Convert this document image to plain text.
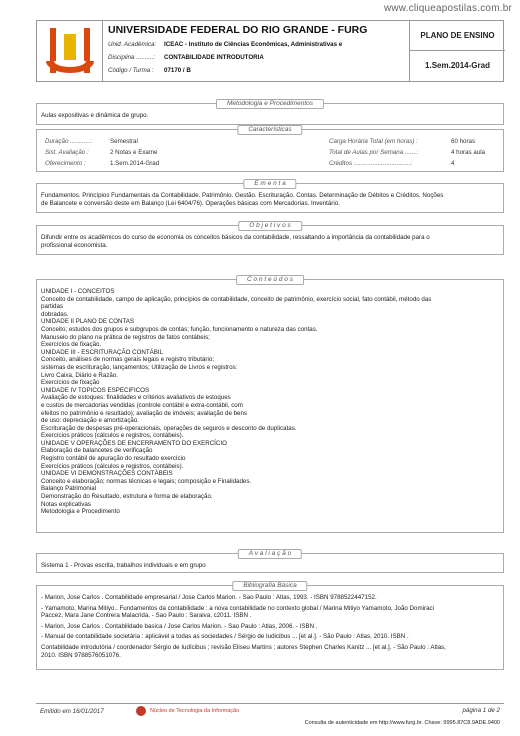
www.cliqueapostilas.com.br
UNIVERSIDADE FEDERAL DO RIO GRANDE - FURG
Unid. Acadêmica: ICEAC - Instituto de Ciências Econômicas, Administrativas e
Disciplina ..........: CONTABILIDADE INTRODUTORIA
Código / Turma : 07170 / B
PLANO DE ENSINO
1.Sem.2014-Grad
Metodologia e Procedimentos
Aulas expositivas e dinâmica de grupo.
Características
Duração ............:	Semestral
Sist. Avaliação :	2 Notas e Exame
Oferecimento :	1.Sem.2014-Grad
Carga Horária Total (em horas) :	60 horas
Total de Aulas por Semana .......:	4 horas aula
Créditos .................................:	4
E m e n t a
Fundamentos. Princípios Fundamentais da Contabilidade. Patrimônio. Gestão. Escrituração. Contas. Determinação de Débitos e Créditos. Noções
de Balancete e conversão deste em Balanço (Lei 6404/76). Operações básicas com Mercadorias. Inventário.
O b j e t i v o s
Difundir entre os acadêmicos do curso de economia os conceitos básicos da contabilidade, ressaltando a importância da contabilidade para o
profissional economista.
C o n t e ú d o s
UNIDADE I - CONCEITOS
Conceito de contabilidade, campo de aplicação, princípios de contabilidade, conceito de patrimônio, exercício social, fato contábil, método das
partidas
dobradas.
UNIDADE II PLANO DE CONTAS
Conceito; estudos dos grupos e subgrupos de contas; função, funcionamento e natureza das contas.
Manuseio do plano na prática de registros de fatos contábeis;
Exercícios de fixação.
UNIDADE III - ESCRITURAÇÃO CONTÁBIL
Conceito, análises de normas gerais legais e registro tributário;
sistemas de escrituração, lançamentos; Utilização de Livros e registros:
Livro Caixa, Diário e Razão.
Exercícios de fixação
UNIDADE IV TOPICOS ESPECIFICOS
Avaliação de estoques: finalidades e critérios avaliativos de estoques
e custos de mercadorias vendidas (controle contábil e extra-contábil, com
efeitos no patrimônio e resultado); avaliação de imóveis; avaliação de bens
de uso: depreciação e amortização.
Escrituração de despesas pré-operacionais, operações de seguros e desconto de duplicatas.
Exercícios práticos (cálculos e registros, contábeis).
UNIDADE V OPERAÇÕES DE ENCERRAMENTO DO EXERCÍCIO
Elaboração de balancetes de verificação
Registro contábil de apuração do resultado exercício
Exercícios práticos (cálculos e registros, contábeis).
UNIDADE VI DEMONSTRAÇÕES CONTÁBEIS
Conceito e elaboração; normas técnicas e legais; composição e Finalidades.
Balanço Patrimonial
Demonstração do Resultado, estrutura e forma de elaboração.
Notas explicativas
Metodologia e Procedimento
A v a l i a ç ã o
Sistema 1 - Provas escrita, trabalhos individuais e em grupo
Bibliografia Básica
- Marion, Jose Carlos . Contabilidade empresarial / Jose Carlos Marion. - Sao Paulo : Atlas, 1993. - ISBN 9788522447152.
- Yamamoto, Marina Mitiyo.. Fundamentos da contabilidade : a nova contabilidade no contexto global / Marina Mitiyo Yamamoto, João Domiraci
Paccez, Mara Jane Contrera Malacrida. - Sao Paulo : Saraiva, c2011. ISBN .
- Marion, Jose Carlos . Contabilidade basica / Jose Carlos Marion. - Sao Paulo : Atlas, 2006. - ISBN .
- Manual de contabilidade societária : aplicável a todas as sociedades / Sérgio de Iudicibus ... [et al.]. - São Paulo : Atlas, 2010. ISBN .
Contabilidade introdutória / coordenador Sérgio de Iudícibus ; revisão Eliseu Martins ; autores Stephen Charles Kanitz ... [et al.]. - São Paulo : Atlas,
2010. ISBN 9788576051076.
Emitido em 16/01/2017	Núcleo de Tecnologia da Informação	página 1 de 2
Consulta de autenticidade em http://www.furg.br. Chave: 9995.87C8.9ADE.9400
